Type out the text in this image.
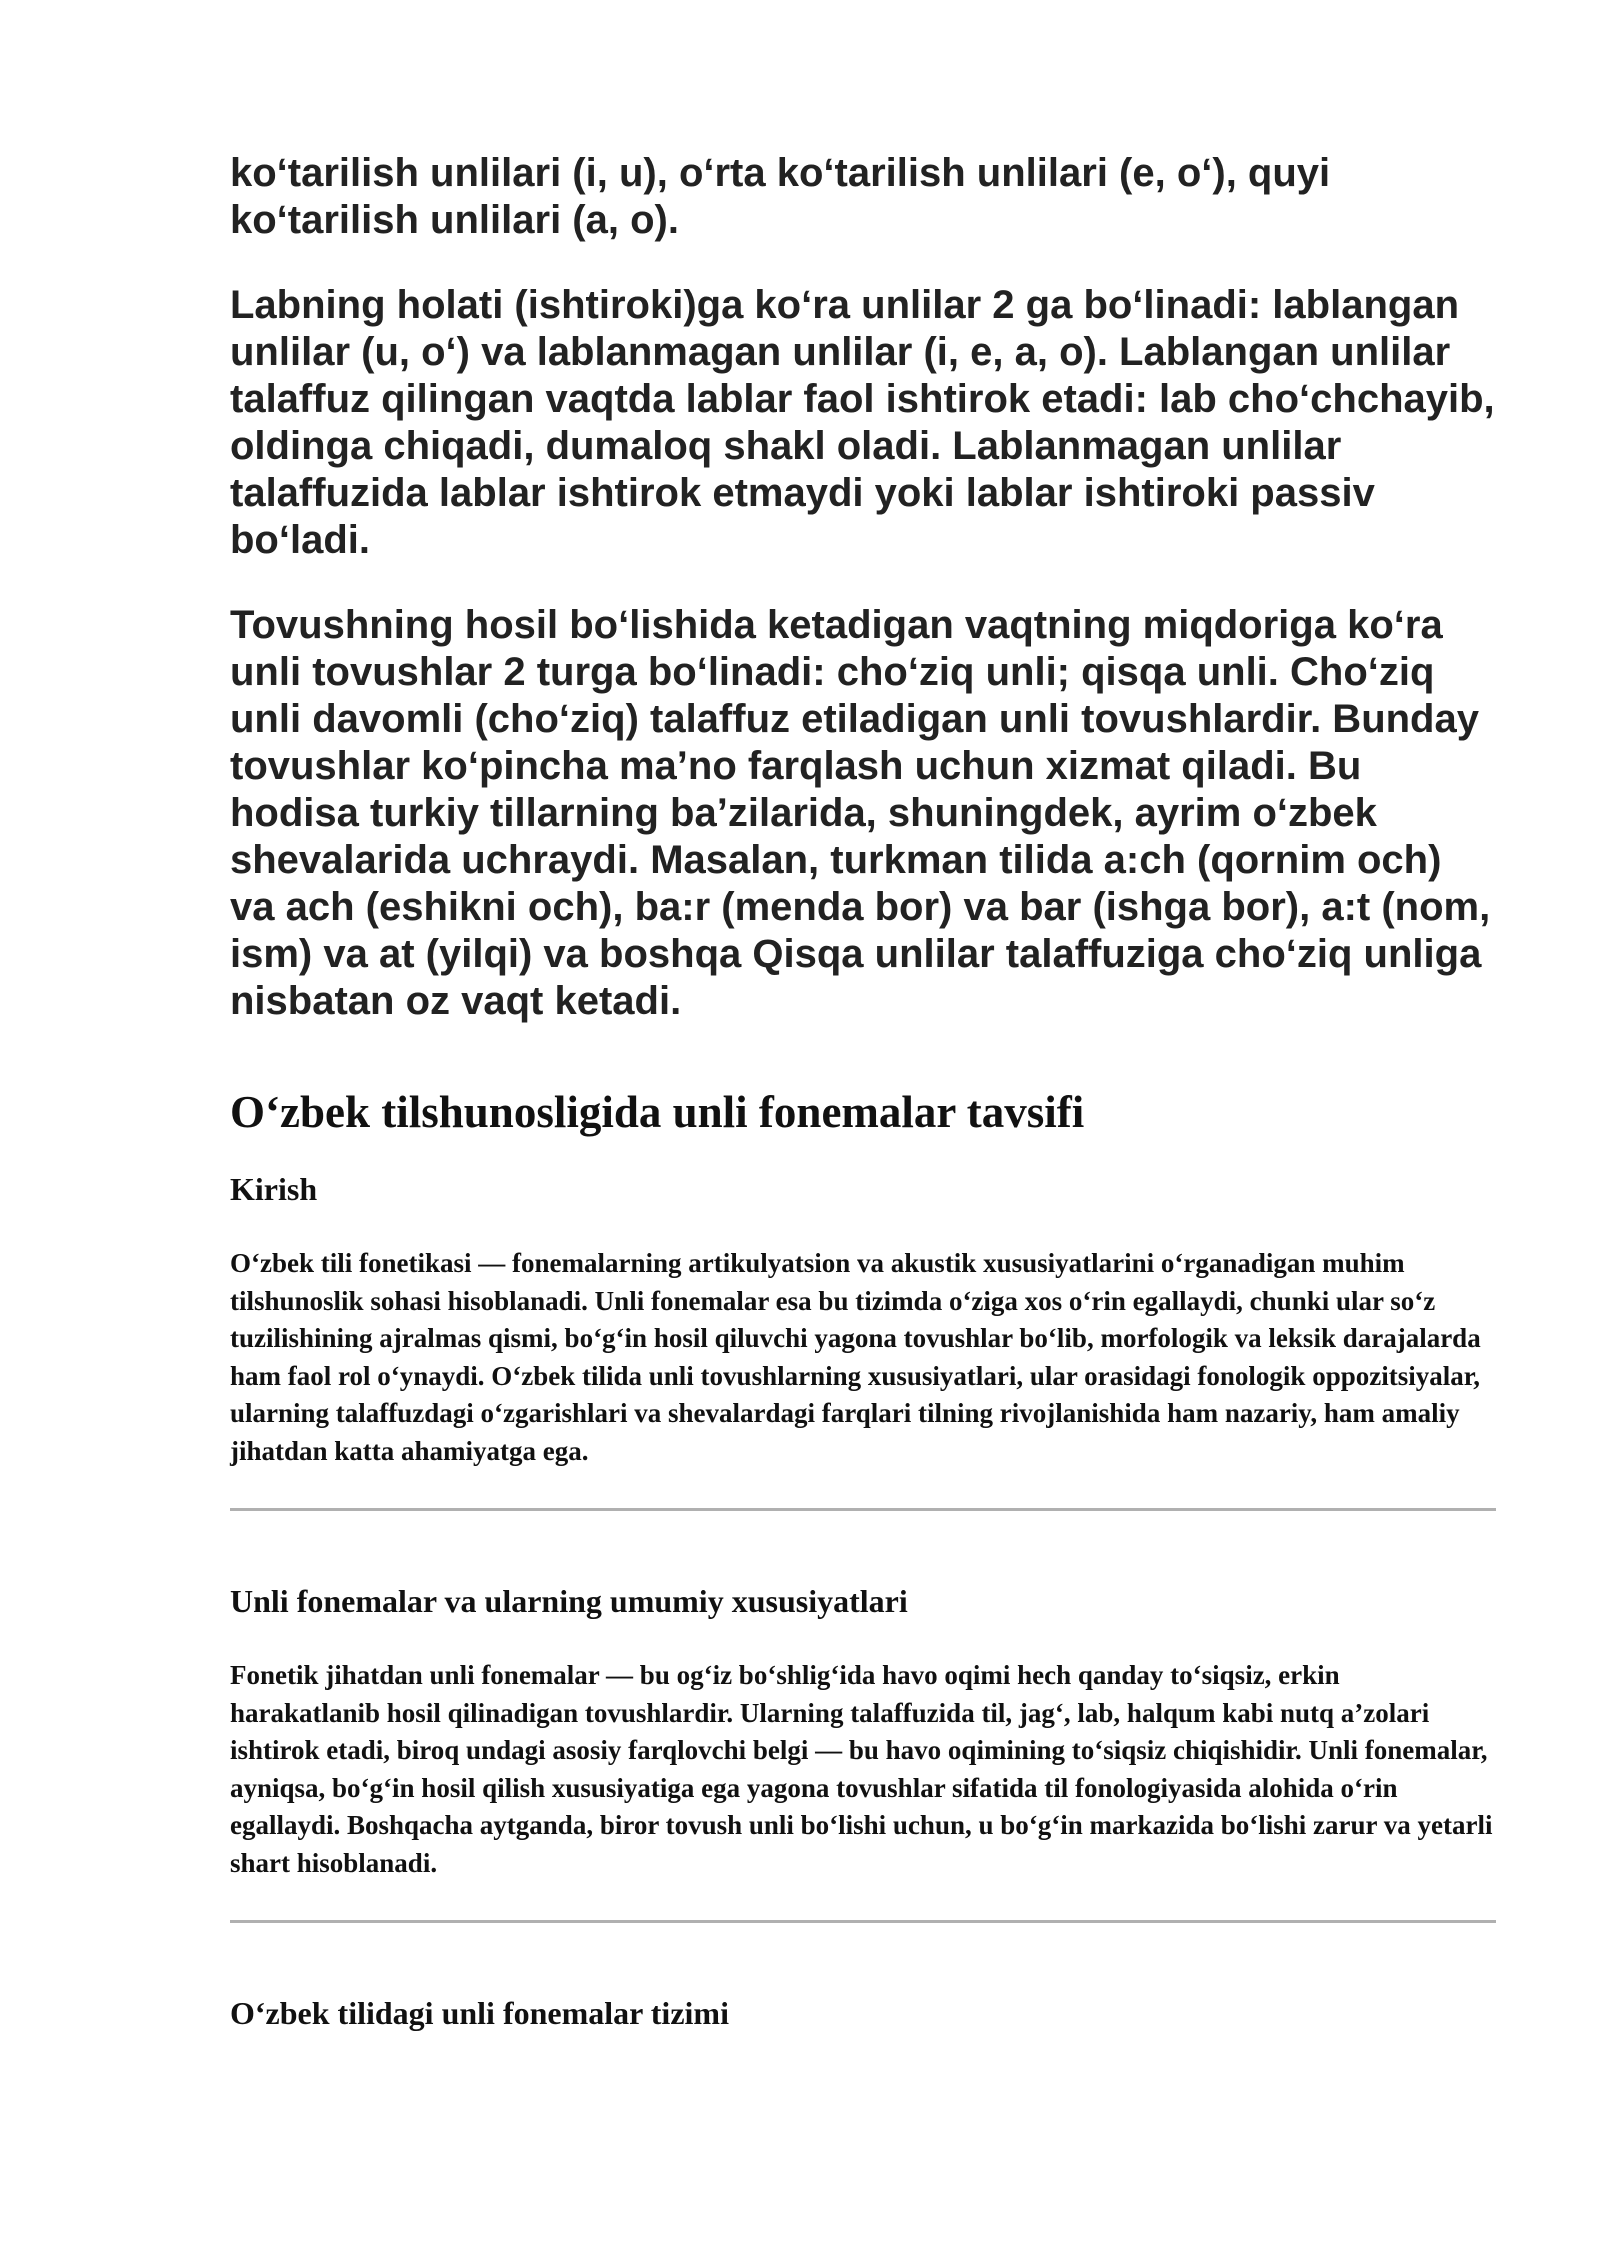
ko‘tarilish unlilari (i, u), o‘rta ko‘tarilish unlilari (e, o‘), quyi ko‘tarilish unlilari (a, o).

Labning holati (ishtiroki)ga ko‘ra unlilar 2 ga bo‘linadi: lablangan unlilar (u, o‘) va lablanmagan unlilar (i, e, a, o). Lablangan unlilar talaffuz qilingan vaqtda lablar faol ishtirok etadi: lab cho‘chchayib, oldinga chiqadi, dumaloq shakl oladi. Lablanmagan unlilar talaffuzida lablar ishtirok etmaydi yoki lablar ishtiroki passiv bo‘ladi.

Tovushning hosil bo‘lishida ketadigan vaqtning miqdoriga ko‘ra unli tovushlar 2 turga bo‘linadi: cho‘ziq unli; qisqa unli. Cho‘ziq unli davomli (cho‘ziq) talaffuz etiladigan unli tovushlardir. Bunday tovushlar ko‘pincha ma’no farqlash uchun xizmat qiladi. Bu hodisa turkiy tillarning ba’zilarida, shuningdek, ayrim o‘zbek shevalarida uchraydi. Masalan, turkman tilida a:ch (qornim och) va ach (eshikni och), ba:r (menda bor) va bar (ishga bor), a:t (nom, ism) va at (yilqi) va boshqa Qisqa unlilar talaffuziga cho‘ziq unliga nisbatan oz vaqt ketadi.

O‘zbek tilshunosligida unli fonemalar tavsifi
Kirish

O‘zbek tili fonetikasi — fonemalarning artikulyatsion va akustik xususiyatlarini o‘rganadigan muhim tilshunoslik sohasi hisoblanadi. Unli fonemalar esa bu tizimda o‘ziga xos o‘rin egallaydi, chunki ular so‘z tuzilishining ajralmas qismi, bo‘g‘in hosil qiluvchi yagona tovushlar bo‘lib, morfologik va leksik darajalarda ham faol rol o‘ynaydi. O‘zbek tilida unli tovushlarning xususiyatlari, ular orasidagi fonologik oppozitsiyalar, ularning talaffuzdagi o‘zgarishlari va shevalardagi farqlari tilning rivojlanishida ham nazariy, ham amaliy jihatdan katta ahamiyatga ega.

Unli fonemalar va ularning umumiy xususiyatlari

Fonetik jihatdan unli fonemalar — bu og‘iz bo‘shlig‘ida havo oqimi hech qanday to‘siqsiz, erkin harakatlanib hosil qilinadigan tovushlardir. Ularning talaffuzida til, jag‘, lab, halqum kabi nutq a’zolari ishtirok etadi, biroq undagi asosiy farqlovchi belgi — bu havo oqimining to‘siqsiz chiqishidir. Unli fonemalar, ayniqsa, bo‘g‘in hosil qilish xususiyatiga ega yagona tovushlar sifatida til fonologiyasida alohida o‘rin egallaydi. Boshqacha aytganda, biror tovush unli bo‘lishi uchun, u bo‘g‘in markazida bo‘lishi zarur va yetarli shart hisoblanadi.

O‘zbek tilidagi unli fonemalar tizimi
